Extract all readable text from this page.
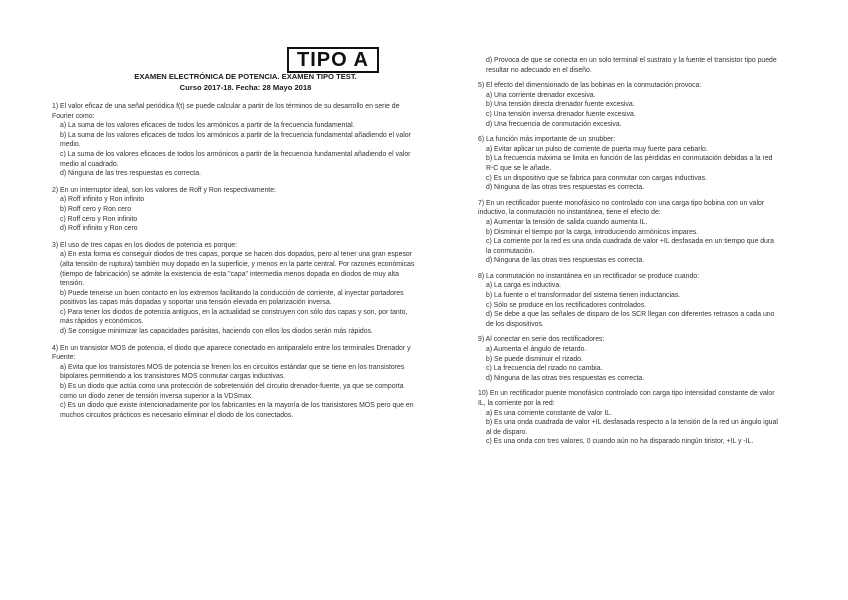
TIPO A
EXAMEN ELECTRÓNICA DE POTENCIA. EXAMEN TIPO TEST.
Curso 2017-18. Fecha: 28 Mayo 2018
1) El valor eficaz de una señal periódica f(t) se puede calcular a partir de los términos de su desarrollo en serie de Fourier como:
a) La suma de los valores eficaces de todos los armónicos a partir de la frecuencia fundamental.
b) La suma de los valores eficaces de todos los armónicos a partir de la frecuencia fundamental añadiendo el valor medio.
c) La suma de los valores eficaces de todos los armónicos a partir de la frecuencia fundamental añadiendo el valor medio al cuadrado.
d) Ninguna de las tres respuestas es correcta.
2) En un interruptor ideal, son los valores de Roff y Ron respectivamente:
a) Roff infinito y Ron infinito
b) Roff cero y Ron cero
c) Roff cero y Ron infinito
d) Roff infinito y Ron cero
3) El uso de tres capas en los diodos de potencia es porque:
a) En esta forma es conseguir diodos de tres capas, porque se hacen dos dopados, pero al tener una gran espesor (alta tensión de ruptura) también muy dopado en la superficie, y menos en la parte central. Por razones económicas (tiempo de fabricación) se admite la existencia de esta "capa" intermedia menos dopada en diodos de muy alta tensión.
b) Puede tenerse un buen contacto en los extremos facilitando la conducción de corriente, al inyectar portadores positivos las capas más dopadas y soportar una tensión elevada en polarización inversa.
c) Para tener los diodos de potencia antiguos, en la actualidad se construyen con sólo dos capas y son, por tanto, más rápidos y económicos.
d) Se consigue minimizar las capacidades parásitas, haciendo con ellos los diodos serán más rápidos.
4) En un transistor MOS de potencia, el diodo que aparece conectado en antiparalelo entre los terminales Drenador y Fuente:
a) Evita que los transistores MOS de potencia se frenen los en circuitos estándar que se tiene en los transistores bipolares permitiendo a los transistores MOS conmutar cargas inductivas.
b) Es un diodo que actúa como una protección de sobretensión del circuito drenador-fuente, ya que se comporta como un diodo zener de tensión inversa superior a la VDSmax.
c) Es un diodo que existe intencionadamente por los fabricantes en la mayoría de los transistores MOS pero que en muchos circuitos prácticos es necesario eliminar el diodo de los conectados.
d) Provoca de que se conecta en un solo terminal el sustrato y la fuente el transistor tipo puede resultar no adecuado en el diseño.
5) El efecto del dimensionado de las bobinas en la conmutación provoca:
a) Una corriente drenador excesiva.
b) Una tensión directa drenador fuente excesiva.
c) Una tensión inversa drenador fuente excesiva.
d) Una frecuencia de conmutación excesiva.
6) La función más importante de un snubber:
a) Evitar aplicar un pulso de corriente de puerta muy fuerte para cebarlo.
b) La frecuencia máxima se limita en función de las pérdidas en conmutación debidas a la red R-C que se le añade.
c) Es un dispositivo que se fabrica para conmutar con cargas inductivas.
d) Ninguna de las otras tres respuestas es correcta.
7) En un rectificador puente monofásico no controlado con una carga tipo bobina con un valor inductivo, la conmutación no instantánea, tiene el efecto de:
a) Aumentar la tensión de salida cuando aumenta IL.
b) Disminuir el tiempo por la carga, introduciendo armónicos impares.
c) La corriente por la red es una onda cuadrada de valor +IL desfasada en un tiempo que dura la conmutación.
d) Ninguna de las otras tres respuestas es correcta.
8) La conmutación no instantánea en un rectificador se produce cuando:
a) La carga es inductiva.
b) La fuente o el transformador del sistema tienen inductancias.
c) Sólo se produce en los rectificadores controlados.
d) Se debe a que las señales de disparo de los SCR llegan con diferentes retrasos a cada uno de los dispositivos.
9) Al conectar en serie dos rectificadores:
a) Aumenta el ángulo de retardo.
b) Se puede disminuir el rizado.
c) La frecuencia del rizado no cambia.
d) Ninguna de las otras tres respuestas es correcta.
10) En un rectificador puente monofásico controlado con carga tipo intensidad constante de valor IL, la corriente por la red:
a) Es una corriente constante de valor IL.
b) Es una onda cuadrada de valor +IL desfasada respecto a la tensión de la red un ángulo igual al de disparo.
c) Es una onda con tres valores, 0 cuando aún no ha disparado ningún tiristor, +IL y -IL.
